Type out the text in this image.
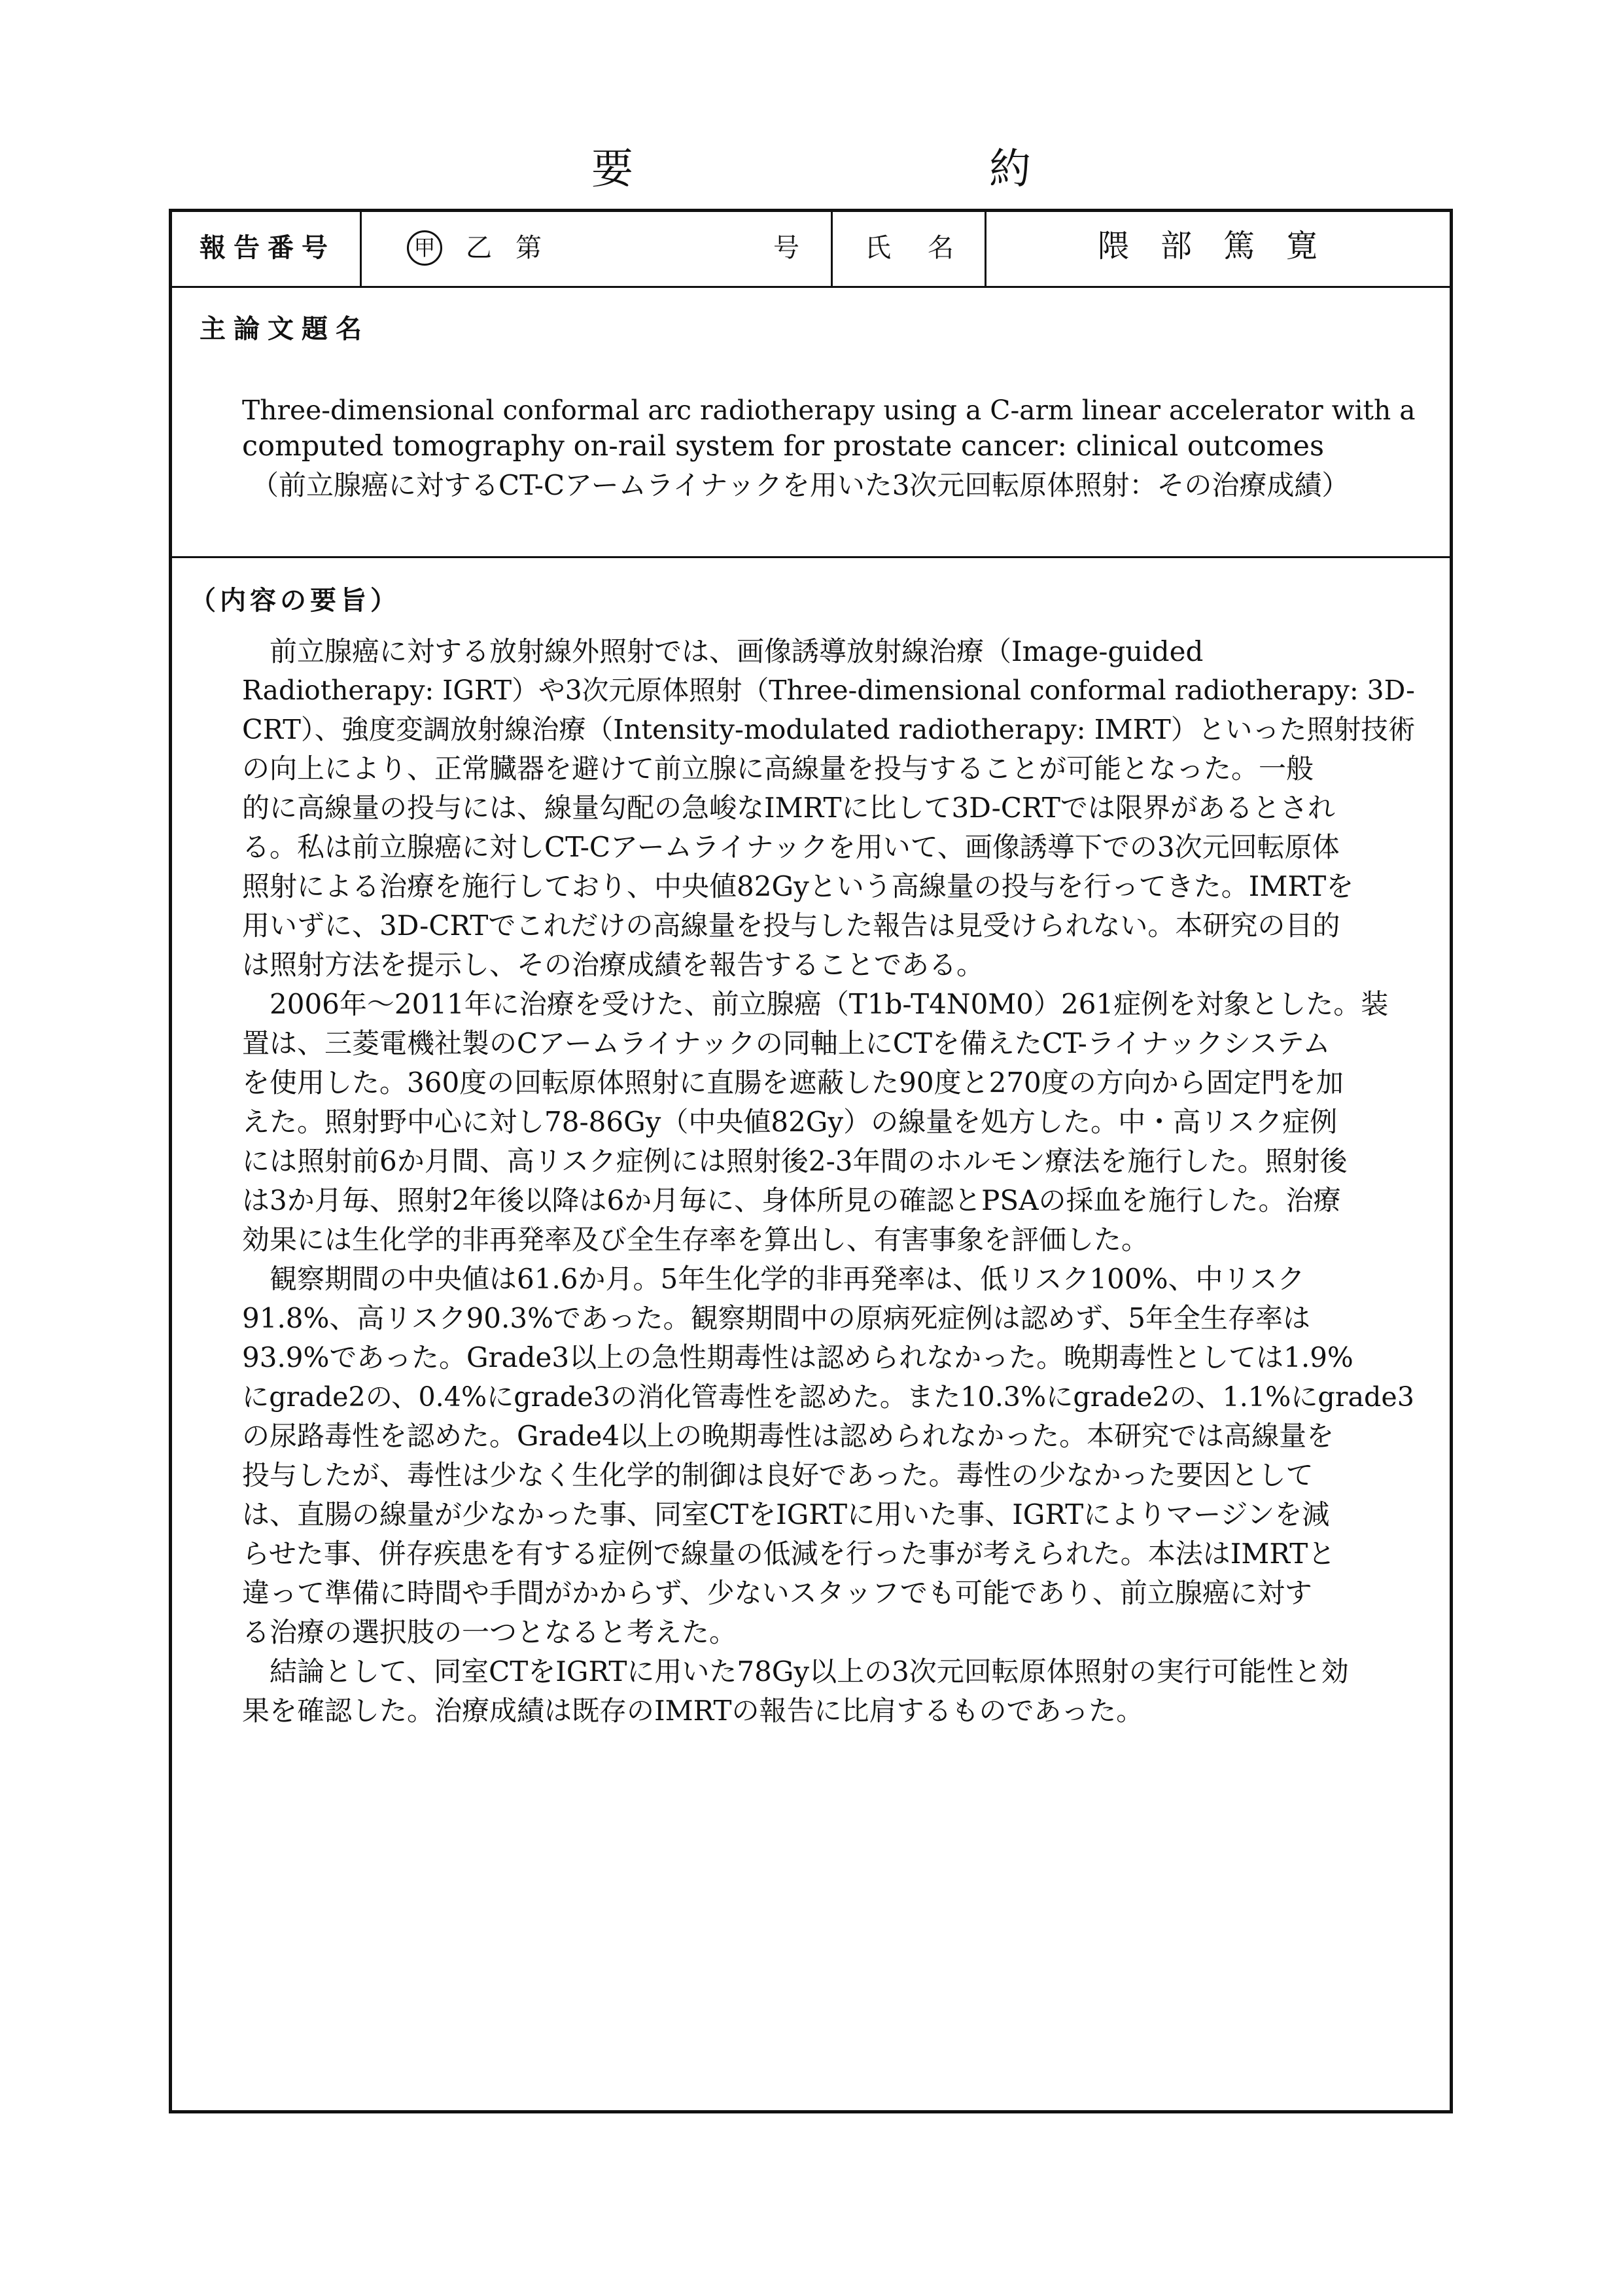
要	約
報告番号	甲 乙 第	号	氏 名	隈部篤寛
主論文題名
Three-dimensional conformal arc radiotherapy using a C-arm linear accelerator with a
computed tomography on-rail system for prostate cancer: clinical outcomes
（前立腺癌に対するCT-Cアームライナックを用いた3次元回転原体照射：その治療成績）
（内容の要旨）
　前立腺癌に対する放射線外照射では、画像誘導放射線治療（Image-guided
Radiotherapy: IGRT）や3次元原体照射（Three-dimensional conformal radiotherapy: 3D-
CRT）、強度変調放射線治療（Intensity-modulated radiotherapy: IMRT）といった照射技術
の向上により、正常臓器を避けて前立腺に高線量を投与することが可能となった。一般
的に高線量の投与には、線量勾配の急峻なIMRTに比して3D-CRTでは限界があるとされ
る。私は前立腺癌に対しCT-Cアームライナックを用いて、画像誘導下での3次元回転原体
照射による治療を施行しており、中央値82Gyという高線量の投与を行ってきた。IMRTを
用いずに、3D-CRTでこれだけの高線量を投与した報告は見受けられない。本研究の目的
は照射方法を提示し、その治療成績を報告することである。
　2006年～2011年に治療を受けた、前立腺癌（T1b-T4N0M0）261症例を対象とした。装
置は、三菱電機社製のCアームライナックの同軸上にCTを備えたCT-ライナックシステム
を使用した。360度の回転原体照射に直腸を遮蔽した90度と270度の方向から固定門を加
えた。照射野中心に対し78-86Gy（中央値82Gy）の線量を処方した。中・高リスク症例
には照射前6か月間、高リスク症例には照射後2-3年間のホルモン療法を施行した。照射後
は3か月毎、照射2年後以降は6か月毎に、身体所見の確認とPSAの採血を施行した。治療
効果には生化学的非再発率及び全生存率を算出し、有害事象を評価した。
　観察期間の中央値は61.6か月。5年生化学的非再発率は、低リスク100%、中リスク
91.8%、高リスク90.3%であった。観察期間中の原病死症例は認めず、5年全生存率は
93.9%であった。Grade3以上の急性期毒性は認められなかった。晩期毒性としては1.9%
にgrade2の、0.4%にgrade3の消化管毒性を認めた。また10.3%にgrade2の、1.1%にgrade3
の尿路毒性を認めた。Grade4以上の晩期毒性は認められなかった。本研究では高線量を
投与したが、毒性は少なく生化学的制御は良好であった。毒性の少なかった要因として
は、直腸の線量が少なかった事、同室CTをIGRTに用いた事、IGRTによりマージンを減
らせた事、併存疾患を有する症例で線量の低減を行った事が考えられた。本法はIMRTと
違って準備に時間や手間がかからず、少ないスタッフでも可能であり、前立腺癌に対す
る治療の選択肢の一つとなると考えた。
　結論として、同室CTをIGRTに用いた78Gy以上の3次元回転原体照射の実行可能性と効
果を確認した。治療成績は既存のIMRTの報告に比肩するものであった。
